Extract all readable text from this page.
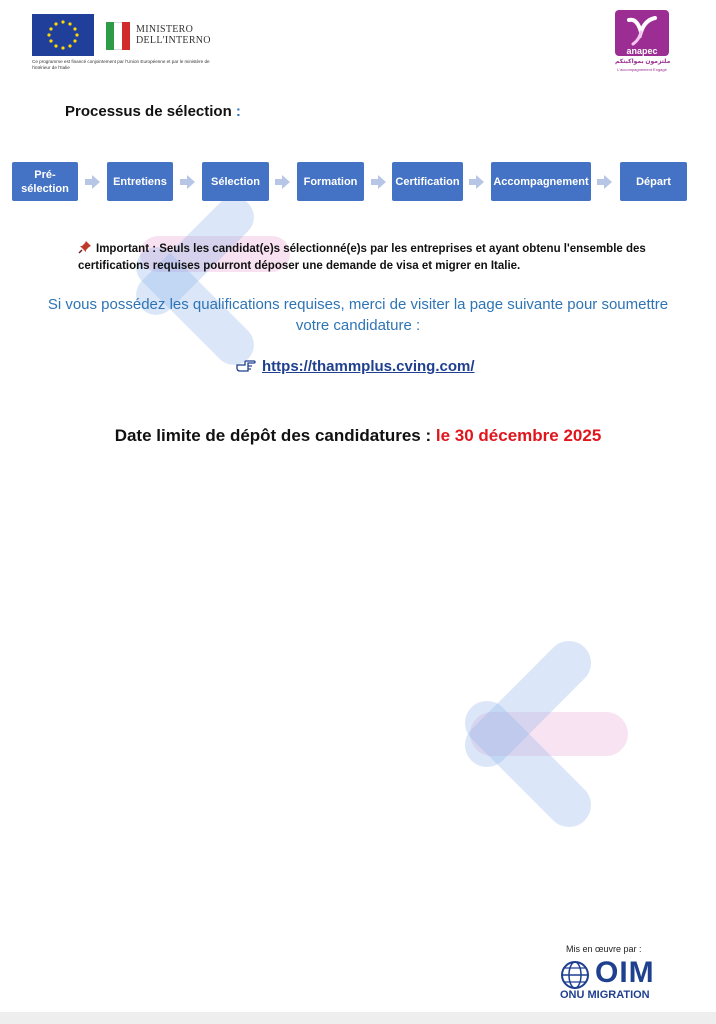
MINISTERO
DELL'INTERNO
Ce programme est financé conjointement par l'Union Européenne et par le ministère de l'intérieur de l'Italie
anapec
ملتزمون بمواكبتكم
L'accompagnement Engagé
Processus de sélection :
Pré-
sélection
Entretiens	Sélection	Formation	Certification	Accompagnement	Départ
Important : Seuls les candidat(e)s sélectionné(e)s par les entreprises et ayant obtenu l'ensemble des certifications requises pourront déposer une demande de visa et migrer en Italie.
Si vous possédez les qualifications requises, merci de visiter la page suivante pour soumettre votre candidature :
https://thammplus.cving.com/
Date limite de dépôt des candidatures : le 30 décembre 2025
Mis en œuvre par :
OIM
ONU MIGRATION
